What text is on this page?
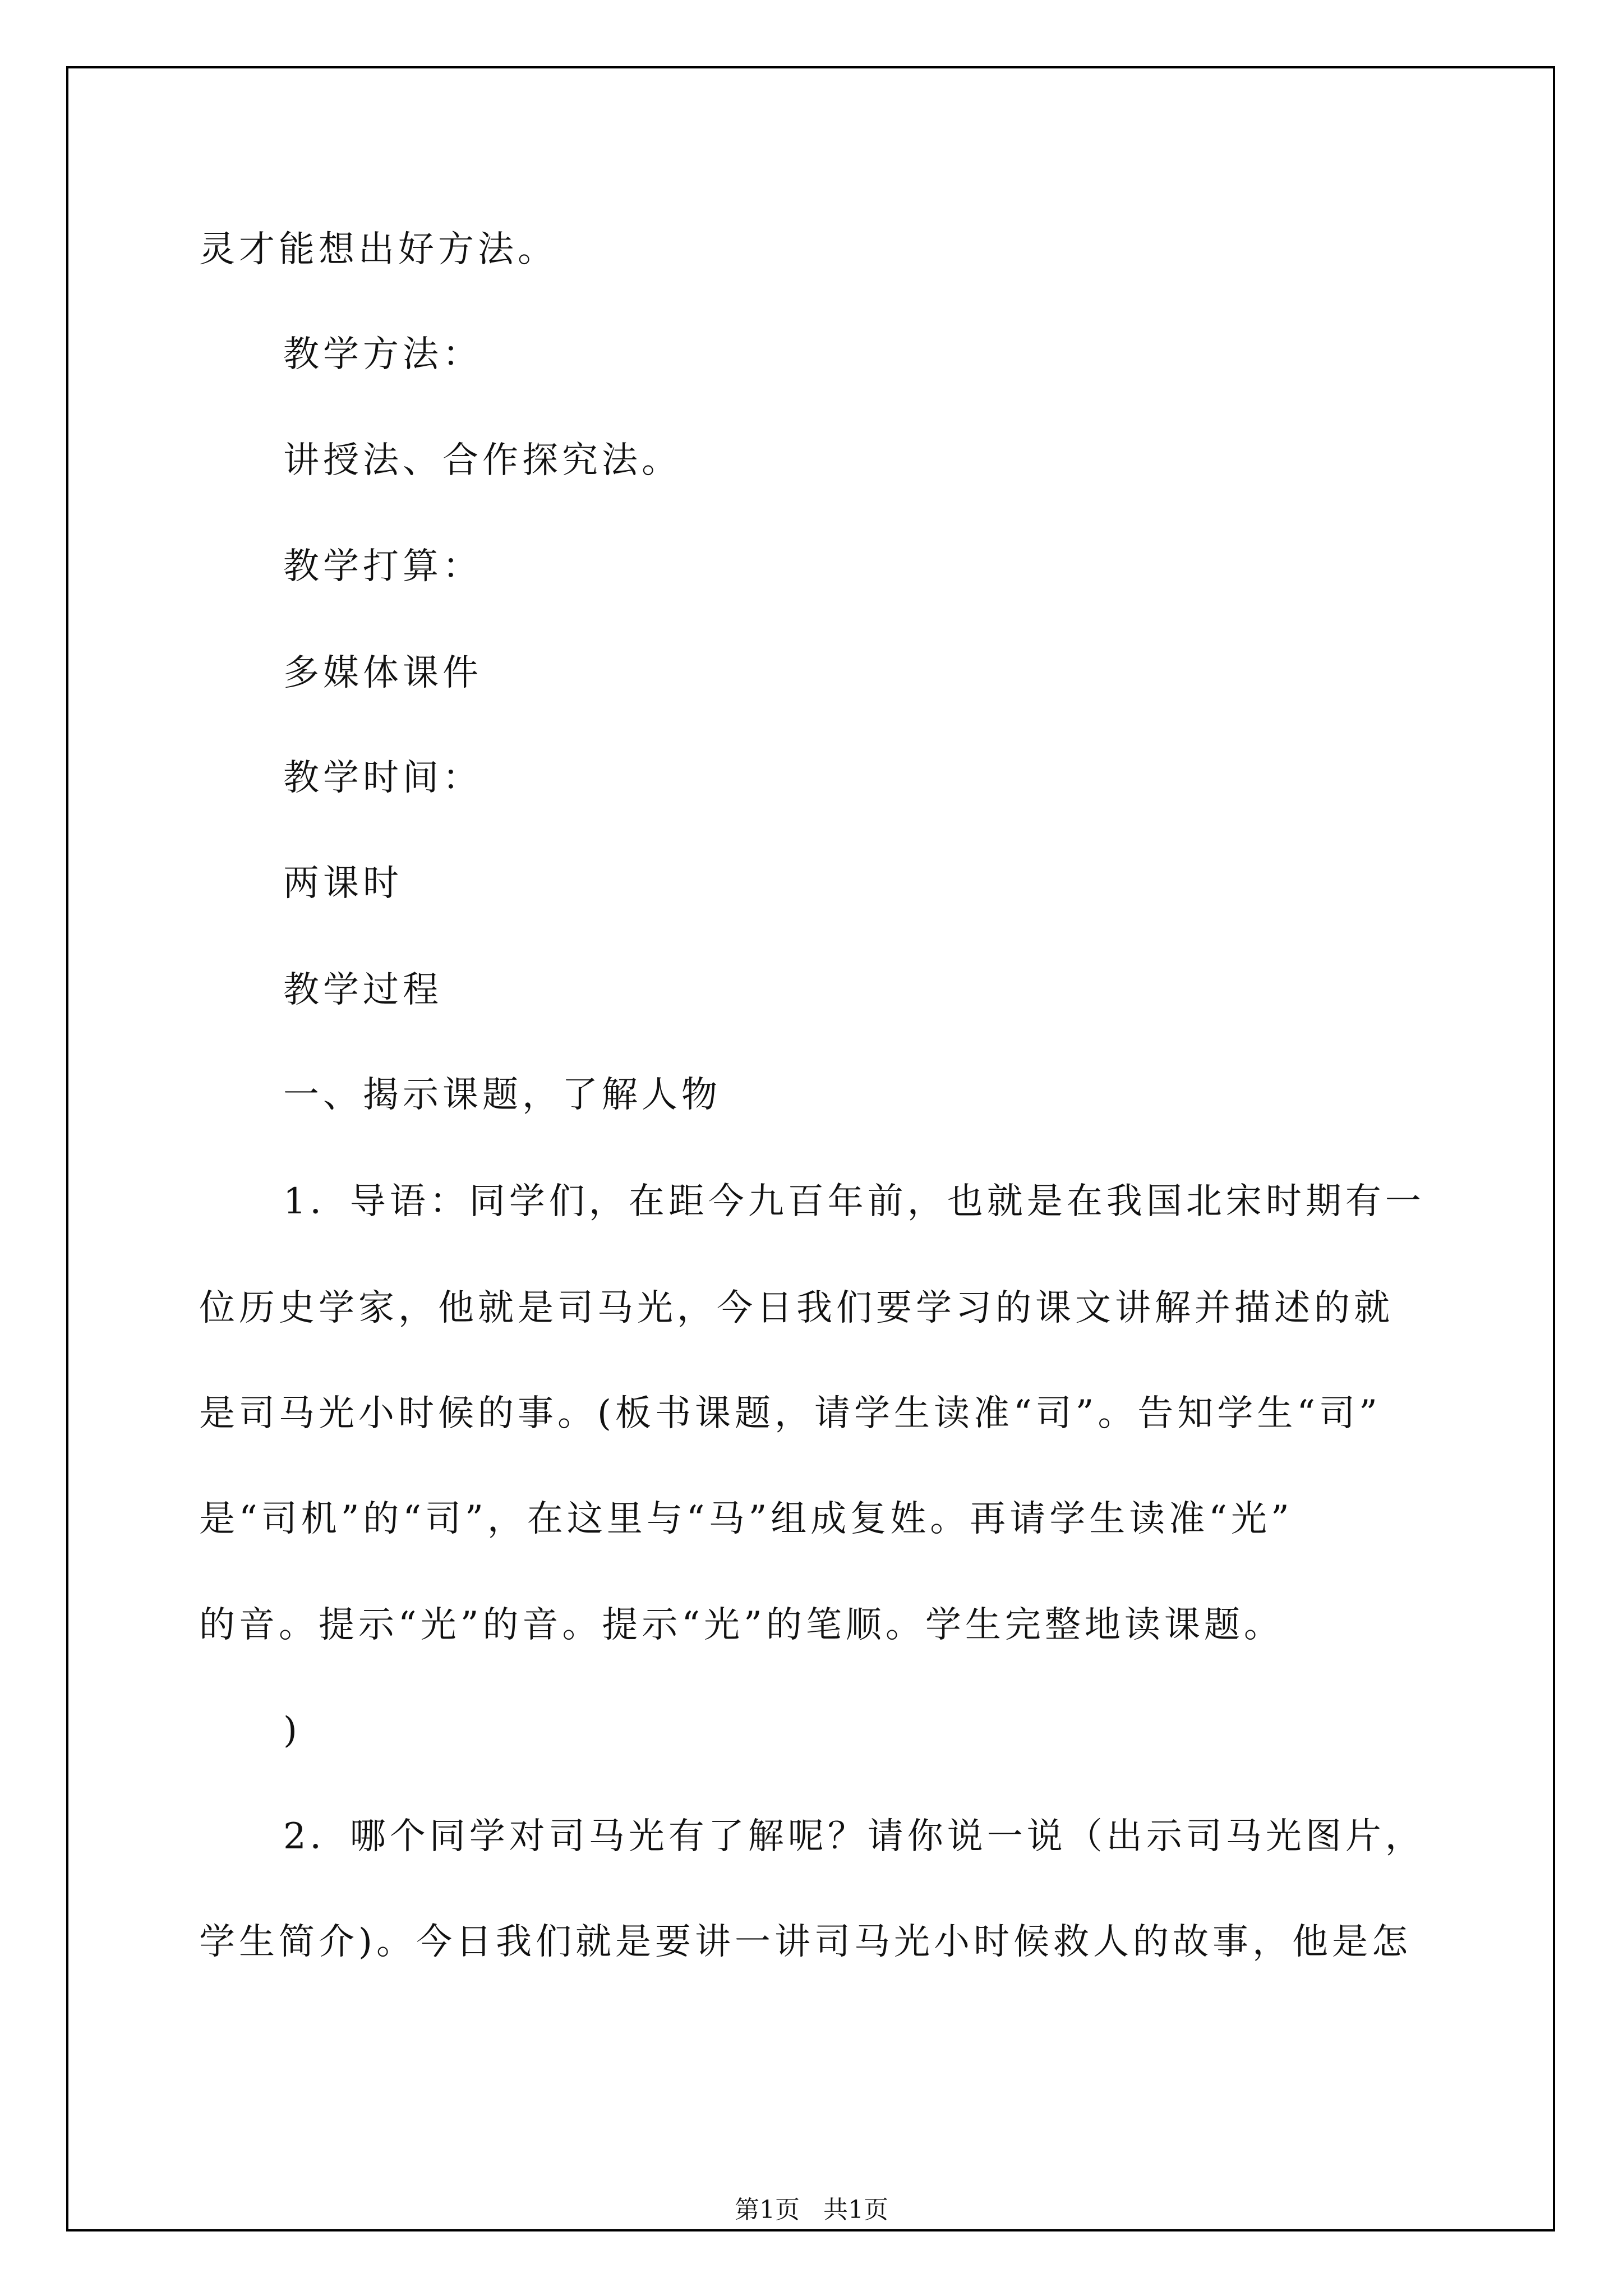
灵才能想出好方法。

教学方法：

讲授法、合作探究法。

教学打算：

多媒体课件

教学时间：

两课时

教学过程

一、揭示课题，了解人物

1．导语：同学们，在距今九百年前，也就是在我国北宋时期有一

位历史学家，他就是司马光，今日我们要学习的课文讲解并描述的就

是司马光小时候的事。(板书课题，请学生读准“司”。告知学生“司”

是“司机”的“司”，在这里与“马”组成复姓。再请学生读准“光”

的音。提示“光”的音。提示“光”的笔顺。学生完整地读课题。

)

2．哪个同学对司马光有了解呢？请你说一说（出示司马光图片，

学生简介)。今日我们就是要讲一讲司马光小时候救人的故事，他是怎

第1页   共1页
